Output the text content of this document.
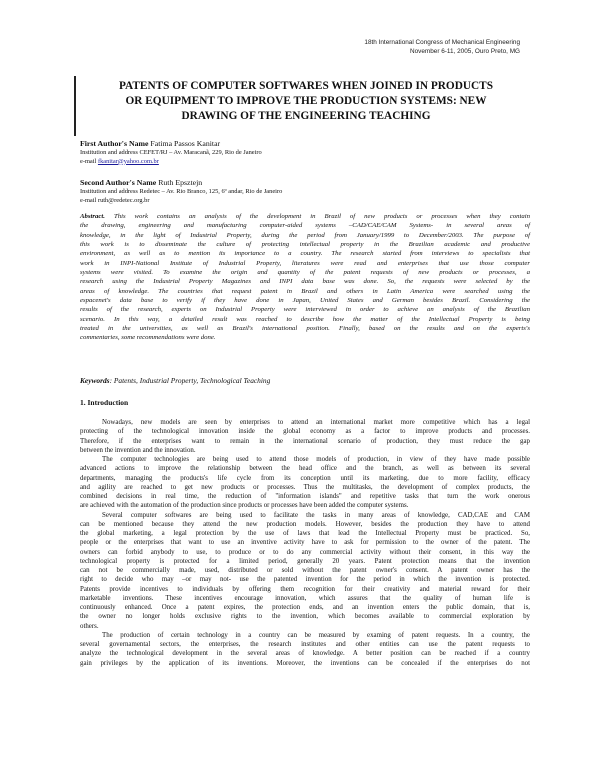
18th International Congress of Mechanical Engineering
November 6-11, 2005, Ouro Preto, MG
PATENTS OF COMPUTER SOFTWARES WHEN JOINED IN PRODUCTS
OR EQUIPMENT TO IMPROVE THE PRODUCTION SYSTEMS: NEW
DRAWING OF THE ENGINEERING TEACHING
First Author's Name Fatima Passos Kanitar
Institution and address CEFET/RJ – Av. Maracanã, 229, Rio de Janeiro
e-mail fkanitar@yahoo.com.br
Second Author's Name Ruth Epsztejn
Institution and address Redetec – Av. Rio Branco, 125, 6º andar, Rio de Janeiro
e-mail ruth@redetec.org.br
Abstract. This work contains an analysis of the development in Brazil of new products or processes when they contain
the drawing, engineering and manufacturing computer-aided systems –CAD/CAE/CAM Systems- in several areas of
knowledge, in the light of Industrial Property, during the period from January/1999 to December/2003. The purpose of
this work is to disseminate the culture of protecting intellectual property in the Brazilian academic and productive
environment, as well as to mention its importance to a country. The research started from interviews to specialists that
work in INPI-National Institute of Industrial Property, literatures were read and enterprises that use those computer
systems were visited. To examine the origin and quantity of the patent requests of new products or processes, a
research using the Industrial Property Magazines and INPI data base was done. So, the requests were selected by the
areas of knowledge. The countries that request patent in Brazil and others in Latin America were searched using the
espacenet's data base to verify if they have done in Japan, United States and German besides Brazil. Considering the
results of the research, experts on Industrial Property were interviewed in order to achieve an analysis of the Brazilian
scenario. In this way, a detailed result was reached to describe how the matter of the Intellectual Property is being
treated in the universities, as well as Brazil's international position. Finally, based on the results and on the experts's
commentaries, some recommendations were done.
Keywords: Patents, Industrial Property, Technological Teaching
1. Introduction

Nowadays, new models are seen by enterprises to attend an international market more competitive which has a legal
protecting of the technological innovation inside the global economy as a factor to improve products and processes.
Therefore, if the enterprises want to remain in the international scenario of production, they must reduce the gap
between the invention and the innovation.

The computer technologies are being used to attend those models of production, in view of they have made possible
advanced actions to improve the relationship between the head office and the branch, as well as between its several
departments, managing the products's life cycle from its conception until its marketing, due to more facility, efficacy
and agility are reached to get new products or processes. Thus the multitasks, the development of complex products, the
combined decisions in real time, the reduction of "information islands" and repetitive tasks that turn the work onerous
are achieved with the automation of the production since products or processes have been added the computer systems.

Several computer softwares are being used to facilitate the tasks in many areas of knowledge, CAD,CAE and CAM
can be mentioned because they attend the new production models. However, besides the production they have to attend
the global marketing, a legal protection by the use of laws that lead the Intellectual Property must be practiced. So,
people or the enterprises that want to use an inventive activity have to ask for permission to the owner of the patent. The
owners can forbid anybody to use, to produce or to do any commercial activity without their consent, in this way the
technological property is protected for a limited period, generally 20 years. Patent protection means that the invention
can not be commercially made, used, distributed or sold without the patent owner's consent. A patent owner has the
right to decide who may –or may not- use the patented invention for the period in which the invention is protected.
Patents provide incentives to individuals by offering them recognition for their creativity and material reward for their
marketable inventions. These incentives encourage innovation, which assures that the quality of human life is
continuously enhanced. Once a patent expires, the protection ends, and an invention enters the public domain, that is,
the owner no longer holds exclusive rights to the invention, which becomes available to commercial exploration by
others.

The production of certain technology in a country can be measured by examing of patent requests. In a country, the
several governamental sectors, the enterprises, the research institutes and other entities can use the patent requests to
analyze the technological development in the several areas of knowledge. A better position can be reached if a country
gain privileges by the application of its inventions. Moreover, the inventions can be concealed if the enterprises do not
